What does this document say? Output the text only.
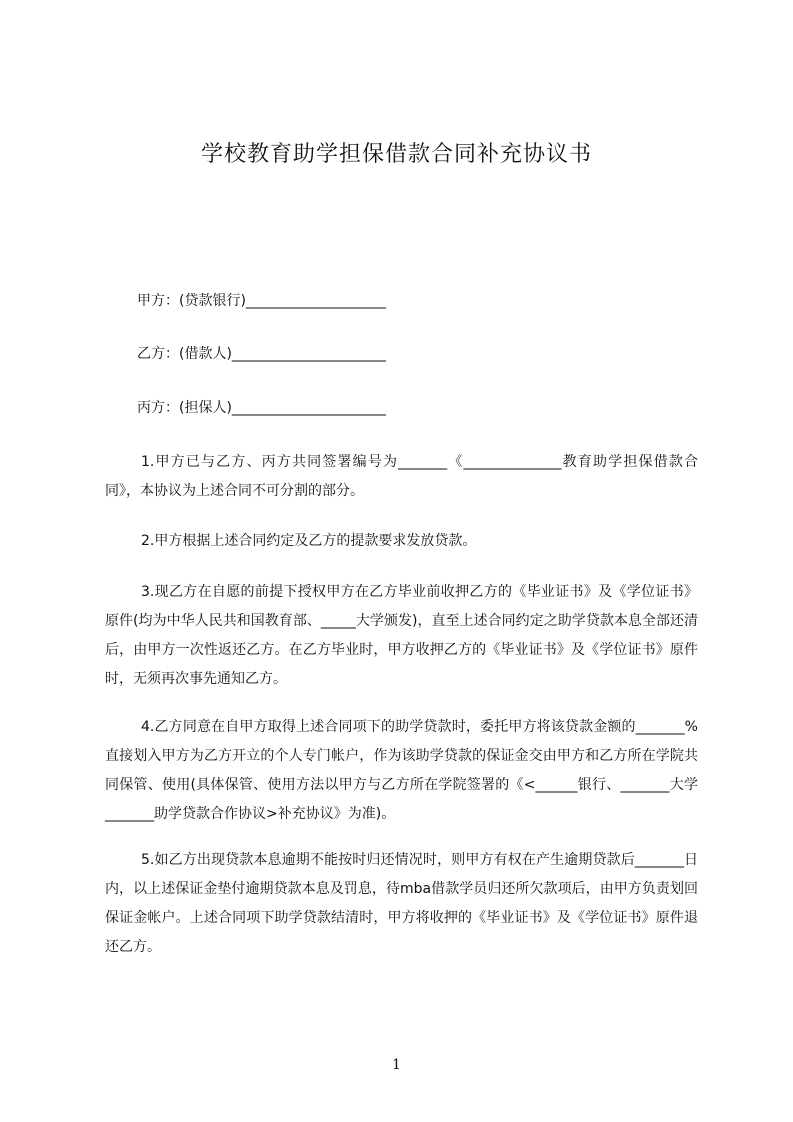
学校教育助学担保借款合同补充协议书
甲方：(贷款银行)____________________
乙方：(借款人)______________________
丙方：(担保人)______________________
1.甲方已与乙方、丙方共同签署编号为_______《______________教育助学担保借款合同》，本协议为上述合同不可分割的部分。
2.甲方根据上述合同约定及乙方的提款要求发放贷款。
3.现乙方在自愿的前提下授权甲方在乙方毕业前收押乙方的《毕业证书》及《学位证书》原件(均为中华人民共和国教育部、_____大学颁发)，直至上述合同约定之助学贷款本息全部还清后，由甲方一次性返还乙方。在乙方毕业时，甲方收押乙方的《毕业证书》及《学位证书》原件时，无须再次事先通知乙方。
4.乙方同意在自甲方取得上述合同项下的助学贷款时，委托甲方将该贷款金额的_______%直接划入甲方为乙方开立的个人专门帐户，作为该助学贷款的保证金交由甲方和乙方所在学院共同保管、使用(具体保管、使用方法以甲方与乙方所在学院签署的《<______银行、_______大学_______助学贷款合作协议>补充协议》为准)。
5.如乙方出现贷款本息逾期不能按时归还情况时，则甲方有权在产生逾期贷款后_______日内，以上述保证金垫付逾期贷款本息及罚息，待mba借款学员归还所欠款项后，由甲方负责划回保证金帐户。上述合同项下助学贷款结清时，甲方将收押的《毕业证书》及《学位证书》原件退还乙方。
1
